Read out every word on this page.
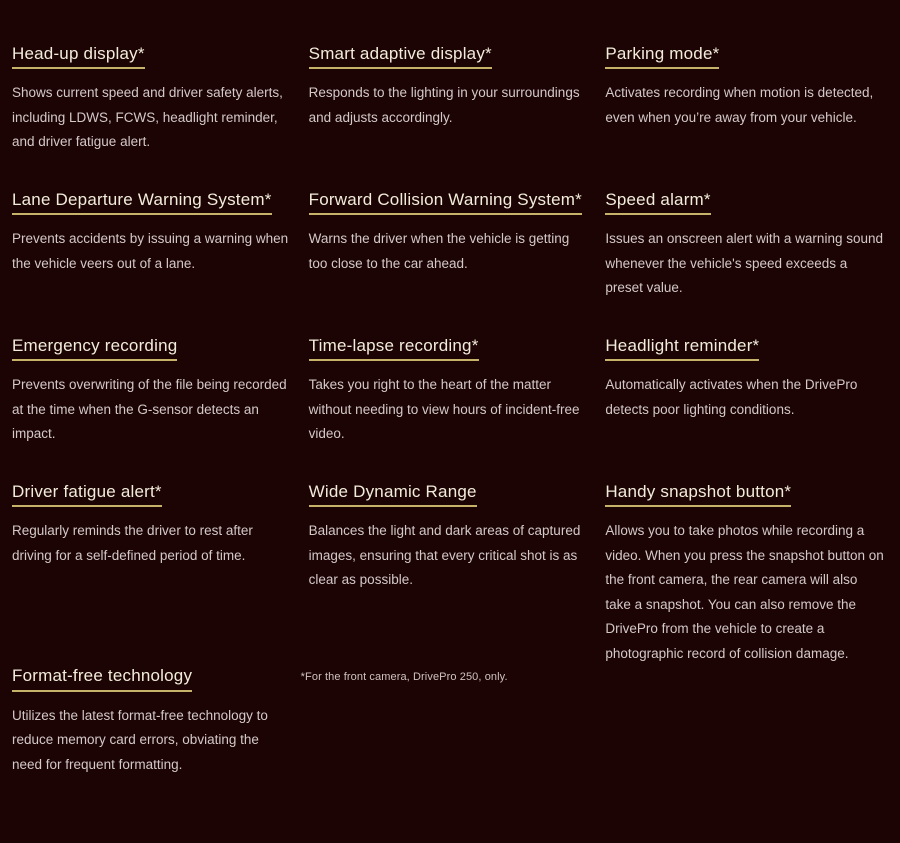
Head-up display*

Shows current speed and driver safety alerts, including LDWS, FCWS, headlight reminder, and driver fatigue alert.

Smart adaptive display*

Responds to the lighting in your surroundings and adjusts accordingly.

Parking mode*

Activates recording when motion is detected, even when you’re away from your vehicle.

Lane Departure Warning System*

Prevents accidents by issuing a warning when the vehicle veers out of a lane.

Forward Collision Warning System*

Warns the driver when the vehicle is getting too close to the car ahead.

Speed alarm*

Issues an onscreen alert with a warning sound whenever the vehicle's speed exceeds a preset value.

Emergency recording

Prevents overwriting of the file being recorded at the time when the G-sensor detects an impact.

Time-lapse recording*

Takes you right to the heart of the matter without needing to view hours of incident-free video.

Headlight reminder*

Automatically activates when the DrivePro detects poor lighting conditions.

Driver fatigue alert*

Regularly reminds the driver to rest after driving for a self-defined period of time.

Wide Dynamic Range

Balances the light and dark areas of captured images, ensuring that every critical shot is as clear as possible.

Handy snapshot button*

Allows you to take photos while recording a video. When you press the snapshot button on the front camera, the rear camera will also take a snapshot. You can also remove the DrivePro from the vehicle to create a photographic record of collision damage.

Format-free technology

Utilizes the latest format-free technology to reduce memory card errors, obviating the need for frequent formatting.

*For the front camera, DrivePro 250, only.
